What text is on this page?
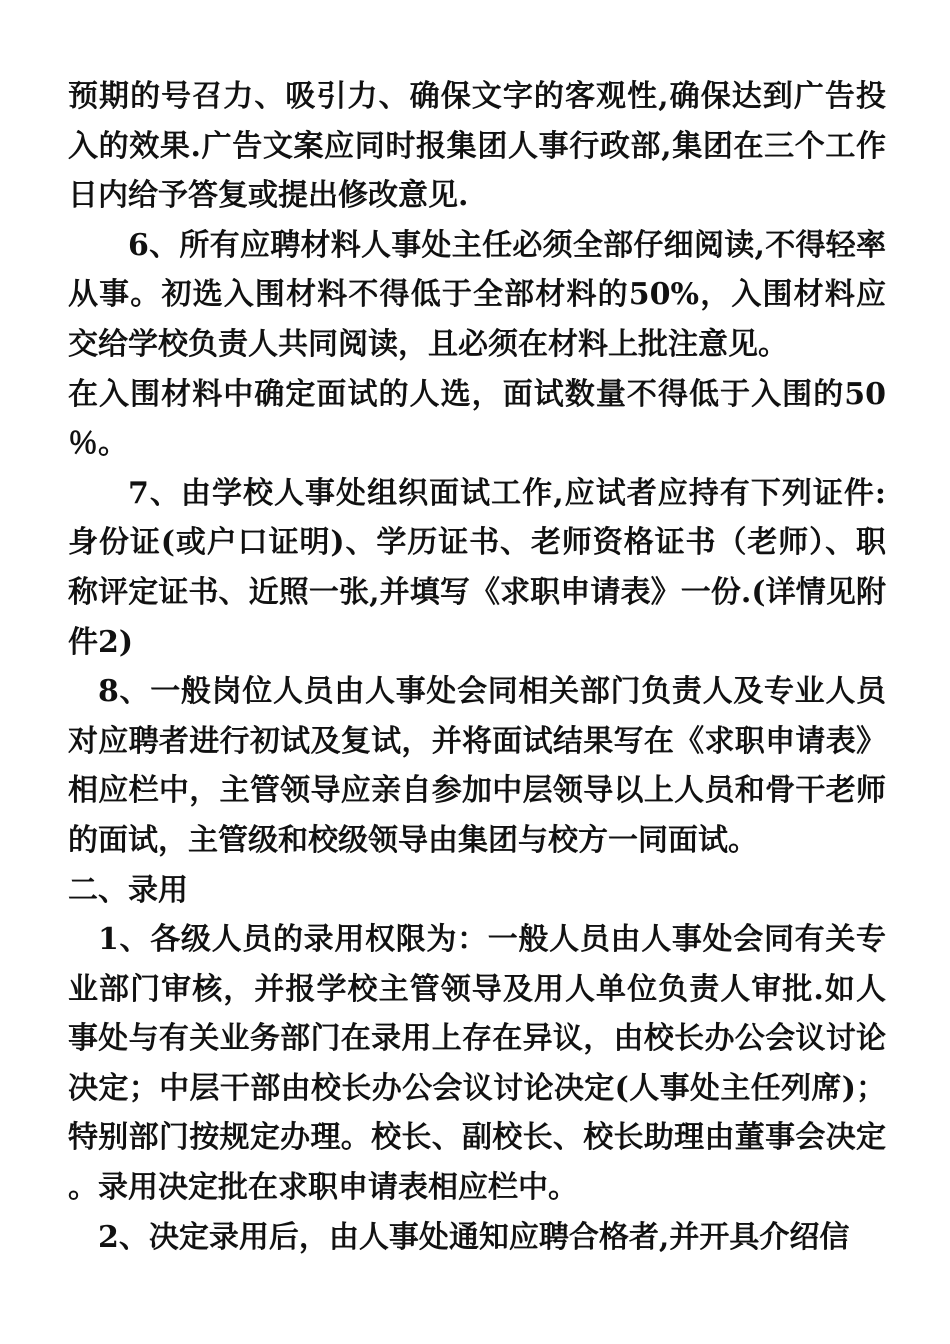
预期的号召力、吸引力、确保文字的客观性,确保达到广告投入的效果.广告文案应同时报集团人事行政部,集团在三个工作日内给予答复或提出修改意见.

6、所有应聘材料人事处主任必须全部仔细阅读,不得轻率从事。初选入围材料不得低于全部材料的50%，入围材料应交给学校负责人共同阅读，且必须在材料上批注意见。

在入围材料中确定面试的人选，面试数量不得低于入围的50％。

7、由学校人事处组织面试工作,应试者应持有下列证件:身份证(或户口证明)、学历证书、老师资格证书（老师）、职称评定证书、近照一张,并填写《求职申请表》一份.(详情见附件2)

8、一般岗位人员由人事处会同相关部门负责人及专业人员对应聘者进行初试及复试，并将面试结果写在《求职申请表》相应栏中，主管领导应亲自参加中层领导以上人员和骨干老师的面试，主管级和校级领导由集团与校方一同面试。

二、录用

1、各级人员的录用权限为：一般人员由人事处会同有关专业部门审核，并报学校主管领导及用人单位负责人审批.如人事处与有关业务部门在录用上存在异议，由校长办公会议讨论决定；中层干部由校长办公会议讨论决定(人事处主任列席)；特别部门按规定办理。校长、副校长、校长助理由董事会决定。录用决定批在求职申请表相应栏中。

2、决定录用后，由人事处通知应聘合格者,并开具介绍信
